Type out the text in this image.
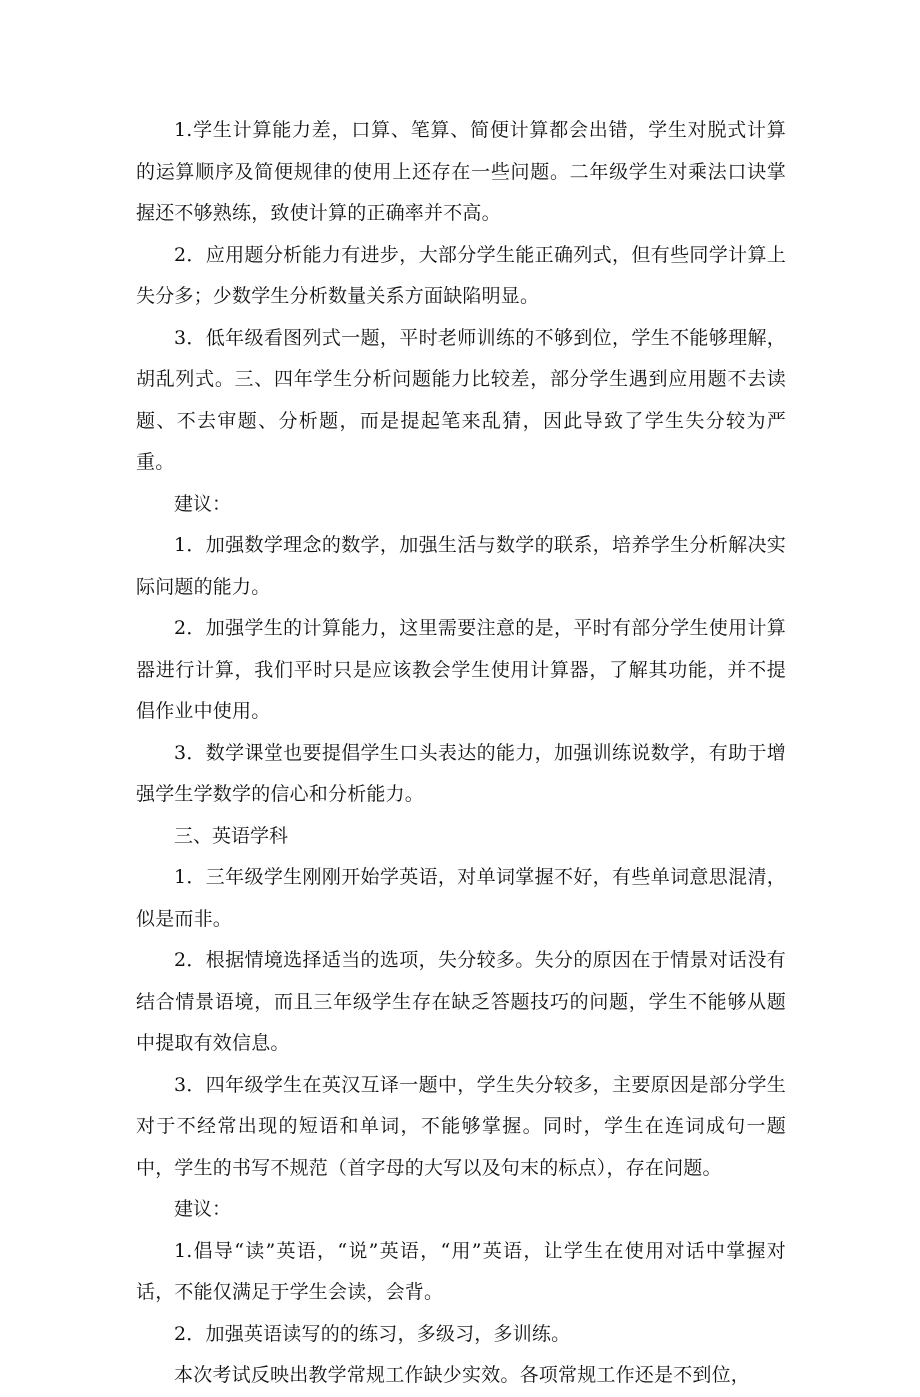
1.学生计算能力差，口算、笔算、简便计算都会出错，学生对脱式计算的运算顺序及简便规律的使用上还存在一些问题。二年级学生对乘法口诀掌握还不够熟练，致使计算的正确率并不高。

2．应用题分析能力有进步，大部分学生能正确列式，但有些同学计算上失分多；少数学生分析数量关系方面缺陷明显。

3．低年级看图列式一题，平时老师训练的不够到位，学生不能够理解，胡乱列式。三、四年学生分析问题能力比较差，部分学生遇到应用题不去读题、不去审题、分析题，而是提起笔来乱猜，因此导致了学生失分较为严重。

建议：

1．加强数学理念的数学，加强生活与数学的联系，培养学生分析解决实际问题的能力。

2．加强学生的计算能力，这里需要注意的是，平时有部分学生使用计算器进行计算，我们平时只是应该教会学生使用计算器，了解其功能，并不提倡作业中使用。

3．数学课堂也要提倡学生口头表达的能力，加强训练说数学，有助于增强学生学数学的信心和分析能力。

三、英语学科

1．三年级学生刚刚开始学英语，对单词掌握不好，有些单词意思混清，似是而非。

2．根据情境选择适当的选项，失分较多。失分的原因在于情景对话没有结合情景语境，而且三年级学生存在缺乏答题技巧的问题，学生不能够从题中提取有效信息。

3．四年级学生在英汉互译一题中，学生失分较多，主要原因是部分学生对于不经常出现的短语和单词，不能够掌握。同时，学生在连词成句一题中，学生的书写不规范（首字母的大写以及句末的标点），存在问题。

建议：

1.倡导“读”英语，“说”英语，“用”英语，让学生在使用对话中掌握对话，不能仅满足于学生会读，会背。

2．加强英语读写的的练习，多级习，多训练。

本次考试反映出教学常规工作缺少实效。各项常规工作还是不到位，
